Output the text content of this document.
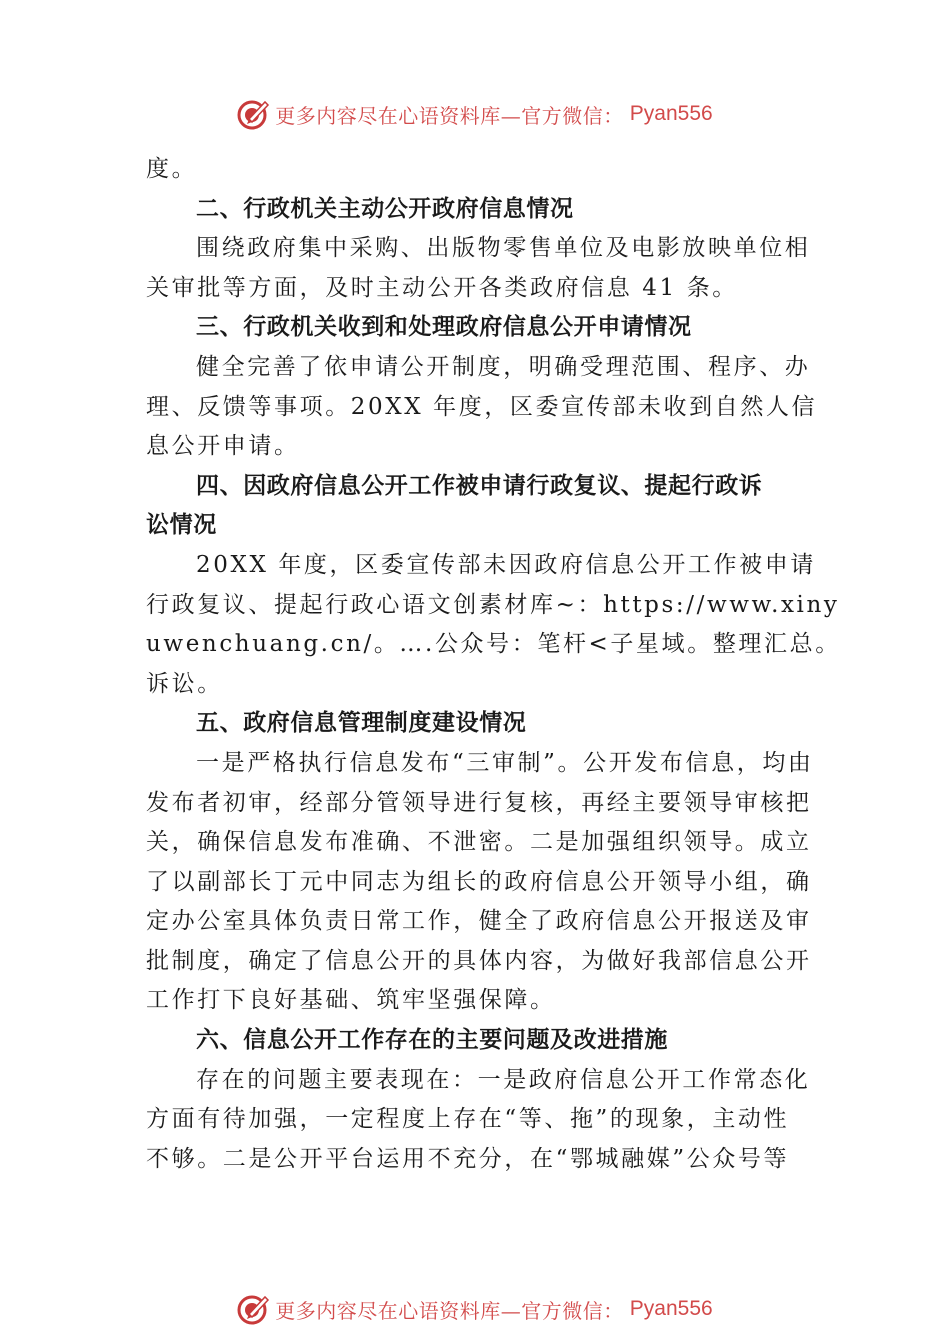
更多内容尽在心语资料库—官方微信： Pyan556
度。
二、行政机关主动公开政府信息情况
围绕政府集中采购、出版物零售单位及电影放映单位相
关审批等方面，及时主动公开各类政府信息 41 条。
三、行政机关收到和处理政府信息公开申请情况
健全完善了依申请公开制度，明确受理范围、程序、办
理、反馈等事项。20XX 年度，区委宣传部未收到自然人信
息公开申请。
四、因政府信息公开工作被申请行政复议、提起行政诉
讼情况
20XX 年度，区委宣传部未因政府信息公开工作被申请
行政复议、提起行政心语文创素材库~：https://www.xiny
uwenchuang.cn/。….公众号：笔杆<子星域。整理汇总。
诉讼。
五、政府信息管理制度建设情况
一是严格执行信息发布“三审制”。公开发布信息，均由
发布者初审，经部分管领导进行复核，再经主要领导审核把
关，确保信息发布准确、不泄密。二是加强组织领导。成立
了以副部长丁元中同志为组长的政府信息公开领导小组，确
定办公室具体负责日常工作，健全了政府信息公开报送及审
批制度，确定了信息公开的具体内容，为做好我部信息公开
工作打下良好基础、筑牢坚强保障。
六、信息公开工作存在的主要问题及改进措施
存在的问题主要表现在：一是政府信息公开工作常态化
方面有待加强，一定程度上存在“等、拖”的现象，主动性
不够。二是公开平台运用不充分，在“鄂城融媒”公众号等
更多内容尽在心语资料库—官方微信： Pyan556
